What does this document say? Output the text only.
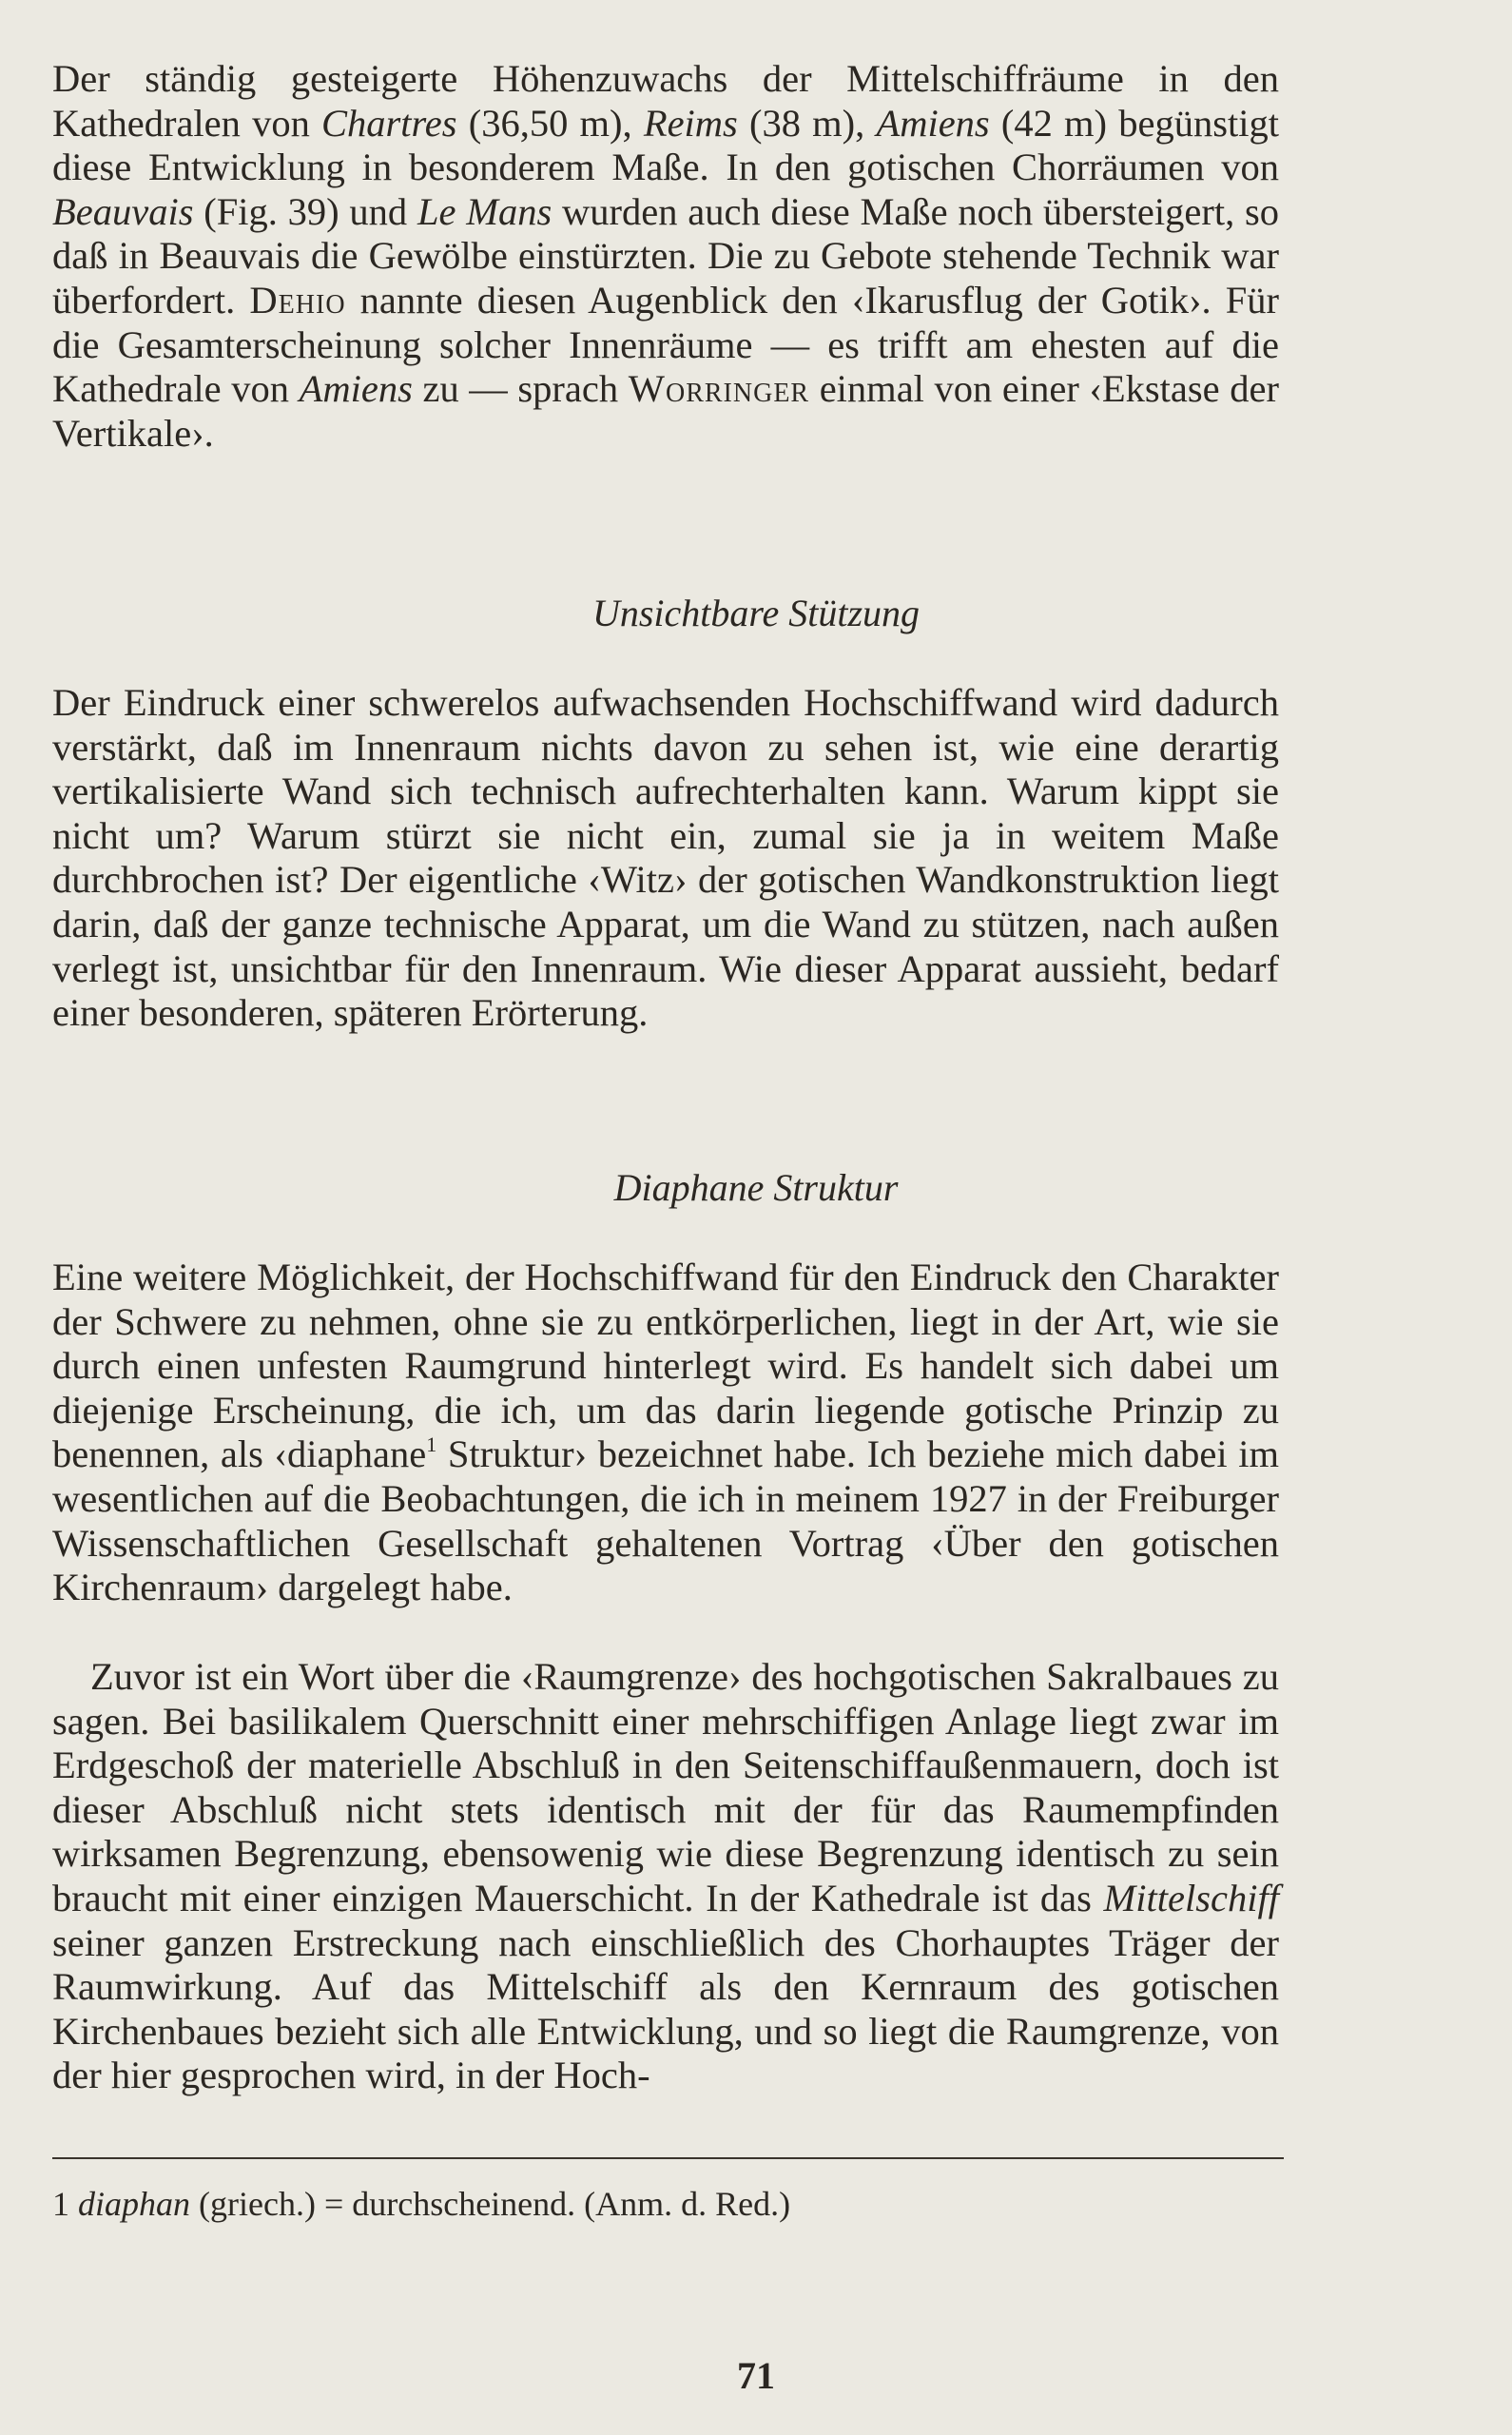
Der ständig gesteigerte Höhenzuwachs der Mittelschiffräume in den Kathedralen von Chartres (36,50 m), Reims (38 m), Amiens (42 m) begünstigt diese Entwicklung in besonderem Maße. In den gotischen Chorräumen von Beauvais (Fig. 39) und Le Mans wurden auch diese Maße noch übersteigert, so daß in Beauvais die Gewölbe einstürzten. Die zu Gebote stehende Technik war überfordert. Dehio nannte diesen Augenblick den ‹Ikarusflug der Gotik›. Für die Gesamterscheinung solcher Innenräume — es trifft am ehesten auf die Kathedrale von Amiens zu — sprach Worringer einmal von einer ‹Ekstase der Vertikale›.

Unsichtbare Stützung

Der Eindruck einer schwerelos aufwachsenden Hochschiffwand wird dadurch verstärkt, daß im Innenraum nichts davon zu sehen ist, wie eine derartig vertikalisierte Wand sich technisch aufrechterhalten kann. Warum kippt sie nicht um? Warum stürzt sie nicht ein, zumal sie ja in weitem Maße durchbrochen ist? Der eigentliche ‹Witz› der gotischen Wandkonstruktion liegt darin, daß der ganze technische Apparat, um die Wand zu stützen, nach außen verlegt ist, unsichtbar für den Innenraum. Wie dieser Apparat aussieht, bedarf einer besonderen, späteren Erörterung.

Diaphane Struktur

Eine weitere Möglichkeit, der Hochschiffwand für den Eindruck den Charakter der Schwere zu nehmen, ohne sie zu entkörperlichen, liegt in der Art, wie sie durch einen unfesten Raumgrund hinterlegt wird. Es handelt sich dabei um diejenige Erscheinung, die ich, um das darin liegende gotische Prinzip zu benennen, als ‹diaphane$^1$ Struktur› bezeichnet habe. Ich beziehe mich dabei im wesentlichen auf die Beobachtungen, die ich in meinem 1927 in der Freiburger Wissenschaftlichen Gesellschaft gehaltenen Vortrag ‹Über den gotischen Kirchenraum› dargelegt habe.

Zuvor ist ein Wort über die ‹Raumgrenze› des hochgotischen Sakralbaues zu sagen. Bei basilikalem Querschnitt einer mehrschiffigen Anlage liegt zwar im Erdgeschoß der materielle Abschluß in den Seitenschiffaußenmauern, doch ist dieser Abschluß nicht stets identisch mit der für das Raumempfinden wirksamen Begrenzung, ebensowenig wie diese Begrenzung identisch zu sein braucht mit einer einzigen Mauerschicht. In der Kathedrale ist das Mittelschiff seiner ganzen Erstreckung nach einschließlich des Chorhauptes Träger der Raumwirkung. Auf das Mittelschiff als den Kernraum des gotischen Kirchenbaues bezieht sich alle Entwicklung, und so liegt die Raumgrenze, von der hier gesprochen wird, in der Hoch-

1 diaphan (griech.) = durchscheinend. (Anm. d. Red.)

71
